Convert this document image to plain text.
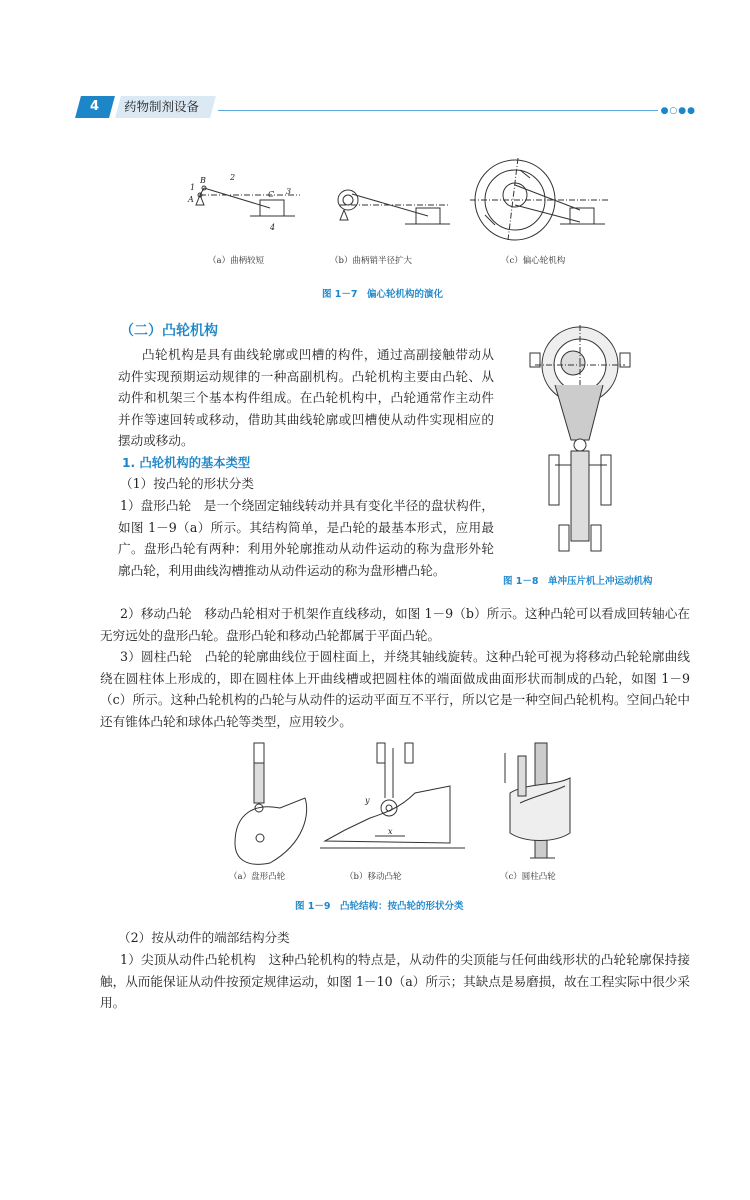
4	药物制剂设备	●○●●
1
B	2
3
C
A
4
（a）曲柄较短	（b）曲柄销半径扩大	（c）偏心轮机构
图 1－7　偏心轮机构的演化
（二）凸轮机构

凸轮机构是具有曲线轮廓或凹槽的构件，通过高副接触带动从动件实现预期运动规律的一种高副机构。凸轮机构主要由凸轮、从动件和机架三个基本构件组成。在凸轮机构中，凸轮通常作主动件并作等速回转或移动，借助其曲线轮廓或凹槽使从动件实现相应的摆动或移动。

1. 凸轮机构的基本类型
（1）按凸轮的形状分类

1）盘形凸轮　是一个绕固定轴线转动并具有变化半径的盘状构件，如图 1－9（a）所示。其结构简单，是凸轮的最基本形式，应用最广。盘形凸轮有两种：利用外轮廓推动从动件运动的称为盘形外轮廓凸轮，利用曲线沟槽推动从动件运动的称为盘形槽凸轮。

图 1－8　单冲压片机上冲运动机构

2）移动凸轮　移动凸轮相对于机架作直线移动，如图 1－9（b）所示。这种凸轮可以看成回转轴心在无穷远处的盘形凸轮。盘形凸轮和移动凸轮都属于平面凸轮。

3）圆柱凸轮　凸轮的轮廓曲线位于圆柱面上，并绕其轴线旋转。这种凸轮可视为将移动凸轮轮廓曲线绕在圆柱体上形成的，即在圆柱体上开曲线槽或把圆柱体的端面做成曲面形状而制成的凸轮，如图 1－9（c）所示。这种凸轮机构的凸轮与从动件的运动平面互不平行，所以它是一种空间凸轮机构。空间凸轮中还有锥体凸轮和球体凸轮等类型，应用较少。

y
x
（a）盘形凸轮	（b）移动凸轮	（c）圆柱凸轮
图 1－9　凸轮结构：按凸轮的形状分类
（2）按从动件的端部结构分类

1）尖顶从动件凸轮机构　这种凸轮机构的特点是，从动件的尖顶能与任何曲线形状的凸轮轮廓保持接触，从而能保证从动件按预定规律运动，如图 1－10（a）所示；其缺点是易磨损，故在工程实际中很少采用。
